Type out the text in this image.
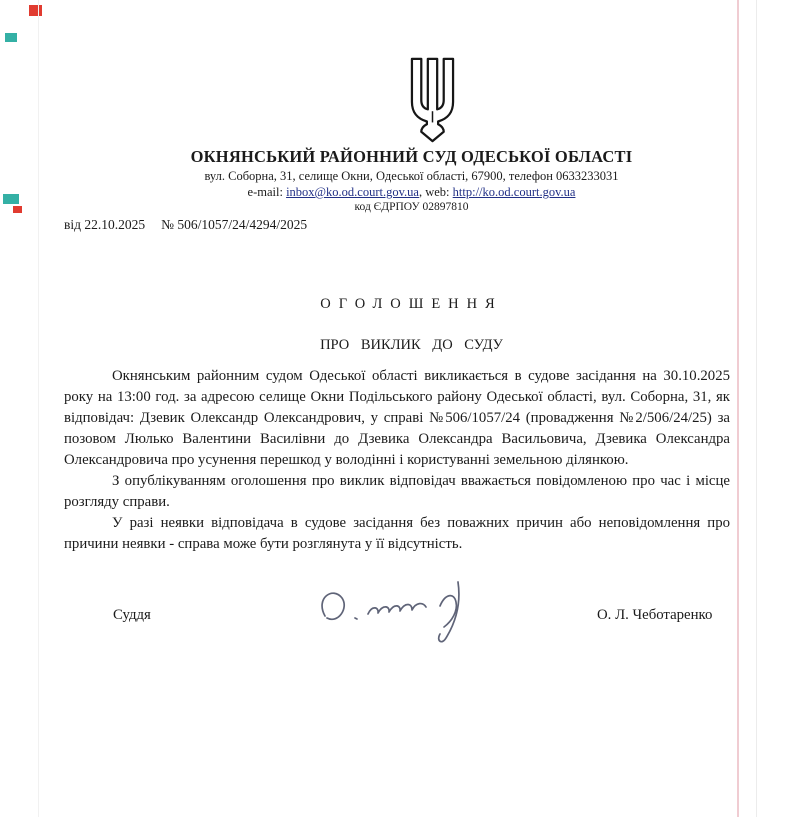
ОКНЯНСЬКИЙ РАЙОННИЙ СУД ОДЕСЬКОЇ ОБЛАСТІ
вул. Соборна, 31, селище Окни, Одеської області, 67900, телефон 0633233031
e-mail: inbox@ko.od.court.gov.ua, web: http://ko.od.court.gov.ua
код ЄДРПОУ 02897810
від 22.10.2025 № 506/1057/24/4294/2025
ОГОЛОШЕННЯ
ПРО ВИКЛИК ДО СУДУ

Окнянським районним судом Одеської області викликається в судове засідання на 30.10.2025 року на 13:00 год. за адресою селище Окни Подільського району Одеської області, вул. Соборна, 31, як відповідач: Дзевик Олександр Олександрович, у справі №506/1057/24 (провадження №2/506/24/25) за позовом Люлько Валентини Василівни до Дзевика Олександра Васильовича, Дзевика Олександра Олександровича про усунення перешкод у володінні і користуванні земельною ділянкою.

З опублікуванням оголошення про виклик відповідач вважається повідомленою про час і місце розгляду справи.

У разі неявки відповідача в судове засідання без поважних причин або неповідомлення про причини неявки - справа може бути розглянута у її відсутність.

Суддя	О. Л. Чеботаренко
